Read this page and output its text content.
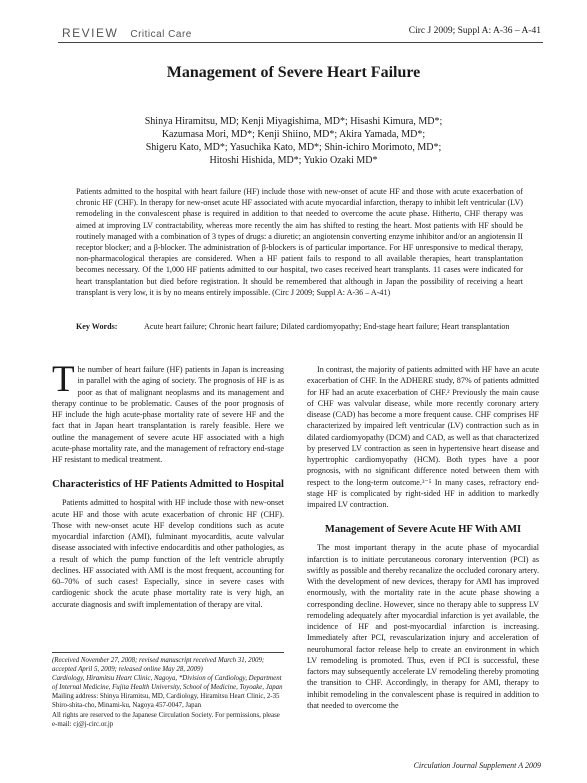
REVIEW Critical Care	Circ J 2009; Suppl A: A-36 – A-41
Management of Severe Heart Failure
Shinya Hiramitsu, MD; Kenji Miyagishima, MD*; Hisashi Kimura, MD*;
Kazumasa Mori, MD*; Kenji Shiino, MD*; Akira Yamada, MD*;
Shigeru Kato, MD*; Yasuchika Kato, MD*; Shin-ichiro Morimoto, MD*;
Hitoshi Hishida, MD*; Yukio Ozaki MD*
Patients admitted to the hospital with heart failure (HF) include those with new-onset of acute HF and those with acute exacerbation of chronic HF (CHF). In therapy for new-onset acute HF associated with acute myocardial infarction, therapy to inhibit left ventricular (LV) remodeling in the convalescent phase is required in addition to that needed to overcome the acute phase. Hitherto, CHF therapy was aimed at improving LV contractability, whereas more recently the aim has shifted to resting the heart. Most patients with HF should be routinely managed with a combination of 3 types of drugs: a diuretic; an angiotensin converting enzyme inhibitor and/or an angiotensin II receptor blocker; and a β-blocker. The administration of β-blockers is of particular importance. For HF unresponsive to medical therapy, non-pharmacological therapies are considered. When a HF patient fails to respond to all available therapies, heart transplantation becomes necessary. Of the 1,000 HF patients admitted to our hospital, two cases received heart transplants. 11 cases were indicated for heart transplantation but died before registration. It should be remembered that although in Japan the possibility of receiving a heart transplant is very low, it is by no means entirely impossible. (Circ J 2009; Suppl A: A-36 – A-41)
Key Words:	Acute heart failure; Chronic heart failure; Dilated cardiomyopathy; End-stage heart failure; Heart transplantation

The number of heart failure (HF) patients in Japan is increasing in parallel with the aging of society. The prognosis of HF is as poor as that of malignant neoplasms and its management and therapy continue to be problematic. Causes of the poor prognosis of HF include the high acute-phase mortality rate of severe HF and the fact that in Japan heart transplantation is rarely feasible. Here we outline the management of severe acute HF associated with a high acute-phase mortality rate, and the management of refractory end-stage HF resistant to medical treatment.

Characteristics of HF Patients Admitted to Hospital

Patients admitted to hospital with HF include those with new-onset acute HF and those with acute exacerbation of chronic HF (CHF). Those with new-onset acute HF develop conditions such as acute myocardial infarction (AMI), fulminant myocarditis, acute valvular disease associated with infective endocarditis and other pathologies, as a result of which the pump function of the left ventricle abruptly declines. HF associated with AMI is the most frequent, accounting for 60–70% of such cases! Especially, since in severe cases with cardiogenic shock the acute phase mortality rate is very high, an accurate diagnosis and swift implementation of therapy are vital.

(Received November 27, 2008; revised manuscript received March 31, 2009; accepted April 5, 2009; released online May 28, 2009)

Cardiology, Hiramitsu Heart Clinic, Nagoya, *Division of Cardiology, Department of Internal Medicine, Fujita Health University, School of Medicine, Toyoake, Japan

Mailing address: Shinya Hiramitsu, MD, Cardiology, Hiramitsu Heart Clinic, 2-35 Shiro-shita-cho, Minami-ku, Nagoya 457-0047, Japan

All rights are reserved to the Japanese Circulation Society. For permissions, please e-mail: cj@j-circ.or.jp

In contrast, the majority of patients admitted with HF have an acute exacerbation of CHF. In the ADHERE study, 87% of patients admitted for HF had an acute exacerbation of CHF.² Previously the main cause of CHF was valvular disease, while more recently coronary artery disease (CAD) has become a more frequent cause. CHF comprises HF characterized by impaired left ventricular (LV) contraction such as in dilated cardiomyopathy (DCM) and CAD, as well as that characterized by preserved LV contraction as seen in hypertensive heart disease and hypertrophic cardiomyopathy (HCM). Both types have a poor prognosis, with no significant difference noted between them with respect to the long-term outcome.³⁻⁵ In many cases, refractory end-stage HF is complicated by right-sided HF in addition to markedly impaired LV contraction.

Management of Severe Acute HF With AMI

The most important therapy in the acute phase of myocardial infarction is to initiate percutaneous coronary intervention (PCI) as swiftly as possible and thereby recanalize the occluded coronary artery. With the development of new devices, therapy for AMI has improved enormously, with the mortality rate in the acute phase showing a corresponding decline. However, since no therapy able to suppress LV remodeling adequately after myocardial infarction is yet available, the incidence of HF and post-myocardial infarction is increasing. Immediately after PCI, revascularization injury and acceleration of neurohumoral factor release help to create an environment in which LV remodeling is promoted. Thus, even if PCI is successful, these factors may subsequently accelerate LV remodeling thereby promoting the transition to CHF. Accordingly, in therapy for AMI, therapy to inhibit remodeling in the convalescent phase is required in addition to that needed to overcome the

Circulation Journal Supplement A 2009
